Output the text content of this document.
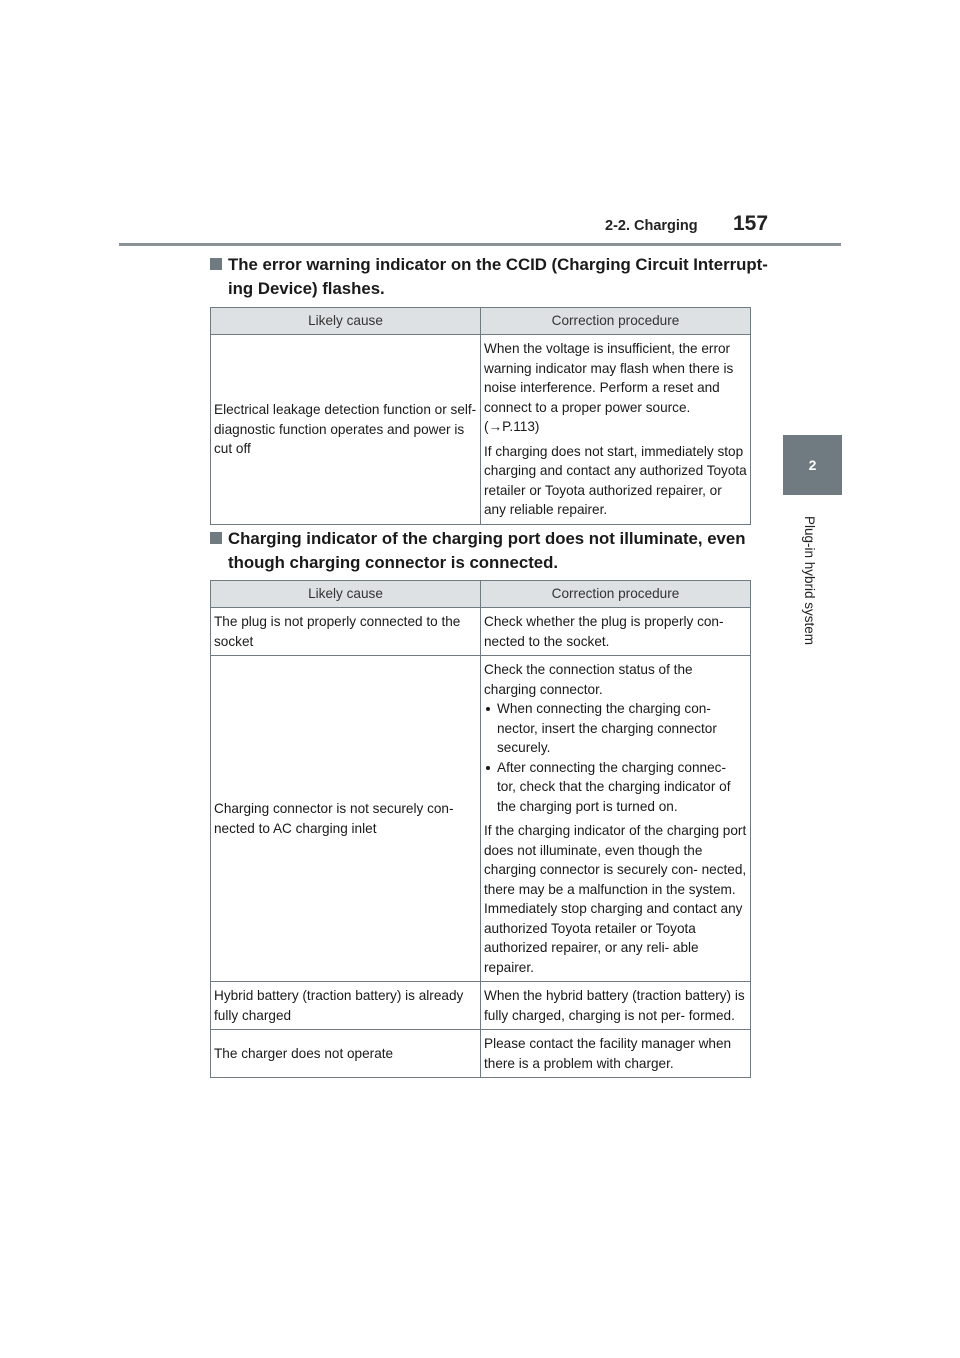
2-2. Charging 157
2
Plug-in hybrid system
The error warning indicator on the CCID (Charging Circuit Interrupt- ing Device) flashes.
Likely cause	Correction procedure
Electrical leakage detection function or self-diagnostic function operates and power is cut off	When the voltage is insufficient, the error warning indicator may flash when there is noise interference. Perform a reset and connect to a proper power source. (→P.113)
If charging does not start, immediately stop charging and contact any authorized Toyota retailer or Toyota authorized repairer, or any reliable repairer.
Charging indicator of the charging port does not illuminate, even though charging connector is connected.
Likely cause	Correction procedure
The plug is not properly connected to the socket	Check whether the plug is properly con- nected to the socket.
Charging connector is not securely con- nected to AC charging inlet	Check the connection status of the charging connector.
When connecting the charging con- nector, insert the charging connector securely.
After connecting the charging connec- tor, check that the charging indicator of the charging port is turned on.
If the charging indicator of the charging port does not illuminate, even though the charging connector is securely con- nected, there may be a malfunction in the system. Immediately stop charging and contact any authorized Toyota retailer or Toyota authorized repairer, or any reli- able repairer.

Hybrid battery (traction battery) is already fully charged	When the hybrid battery (traction battery) is fully charged, charging is not per- formed.
The charger does not operate	Please contact the facility manager when there is a problem with charger.
